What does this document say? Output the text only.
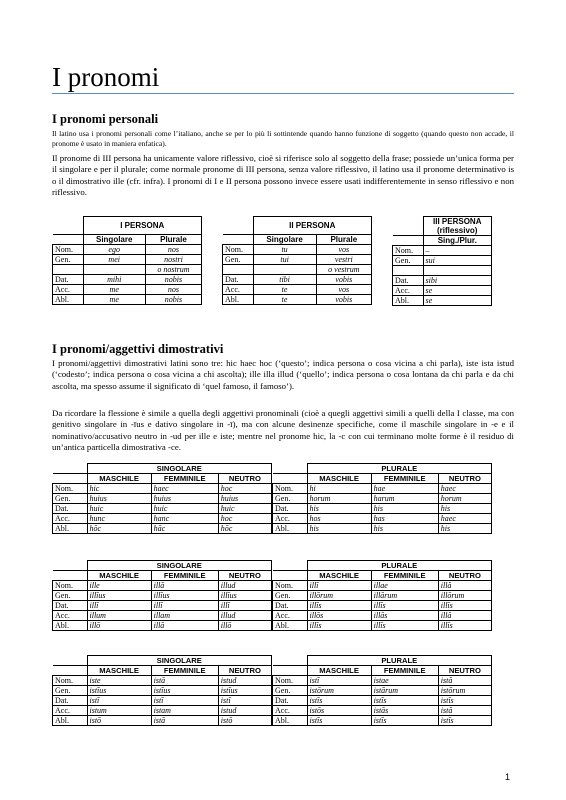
I pronomi
I pronomi personali
Il latino usa i pronomi personali come l’italiano, anche se per lo più li sottintende quando hanno funzione di soggetto (quando questo non accade, il pronome è usato in maniera enfatica).
Il pronome di III persona ha unicamente valore riflessivo, cioè si riferisce solo al soggetto della frase; possiede un’unica forma per il singolare e per il plurale; come normale pronome di III persona, senza valore riflessivo, il latino usa il pronome determinativo is o il dimostrativo ille (cfr. infra). I pronomi di I e II persona possono invece essere usati indifferentemente in senso riflessivo e non riflessivo.
	I PERSONA	
	Singolare	Plurale
Nom.	ego	nos
Gen.	mei	nostri
		o nostrum
Dat.	mihi	nobis
Acc.	me	nos
Abl.	me	nobis
	II PERSONA	
	Singolare	Plurale
Nom.	tu	vos
Gen.	tui	vestri
		o vestrum
Dat.	tibi	vobis
Acc.	te	vos
Abl.	te	vobis
	III PERSONA (riflessivo)
	Sing./Plur.
Nom.	–
Gen.	sui

Dat.	sibi
Acc.	se
Abl.	se
I pronomi/aggettivi dimostrativi
I pronomi/aggettivi dimostrativi latini sono tre: hic haec hoc (‘questo’; indica persona o cosa vicina a chi parla), iste ista istud (‘codesto’; indica persona o cosa vicina a chi ascolta); ille illa illud (‘quello’; indica persona o cosa lontana da chi parla e da chi ascolta, ma spesso assume il significato di ‘quel famoso, il famoso’).
Da ricordare la flessione è simile a quella degli aggettivi pronominali (cioè a quegli aggettivi simili a quelli della I classe, ma con genitivo singolare in -īus e dativo singolare in -ī), ma con alcune desinenze specifiche, come il maschile singolare in -e e il nominativo/accusativo neutro in -ud per ille e iste; mentre nel pronome hic, la -c con cui terminano molte forme è il residuo di un’antica particella dimostrativa -ce.
	SINGOLARE		
	MASCHILE	FEMMINILE	NEUTRO
Nom.	hic	haec	hoc
Gen.	huius	huius	huius
Dat.	huic	huic	huic
Acc.	hunc	hanc	hoc
Abl.	hōc	hāc	hōc
	PLURALE		
	MASCHILE	FEMMINILE	NEUTRO
Nom.	hi	hae	haec
Gen.	horum	harum	horum
Dat.	his	his	his
Acc.	hos	has	haec
Abl.	his	his	his
	SINGOLARE		
	MASCHILE	FEMMINILE	NEUTRO
Nom.	ille	illă	illud
Gen.	illīus	illīus	illīus
Dat.	illī	illī	illī
Acc.	illum	illam	illud
Abl.	illō	illā	illō
	PLURALE		
	MASCHILE	FEMMINILE	NEUTRO
Nom.	illī	illae	illă
Gen.	illōrum	illārum	illōrum
Dat.	illīs	illīs	illīs
Acc.	illōs	illās	illă
Abl.	illīs	illīs	illīs
	SINGOLARE		
	MASCHILE	FEMMINILE	NEUTRO
Nom.	iste	istă	istud
Gen.	istīus	istīus	istīus
Dat.	istī	istī	istī
Acc.	istum	istam	istud
Abl.	istō	istā	istō
	PLURALE		
	MASCHILE	FEMMINILE	NEUTRO
Nom.	istī	istae	istă
Gen.	istōrum	istārum	istōrum
Dat.	istīs	istīs	istīs
Acc.	istōs	istās	istă
Abl.	istīs	istīs	istīs
1
